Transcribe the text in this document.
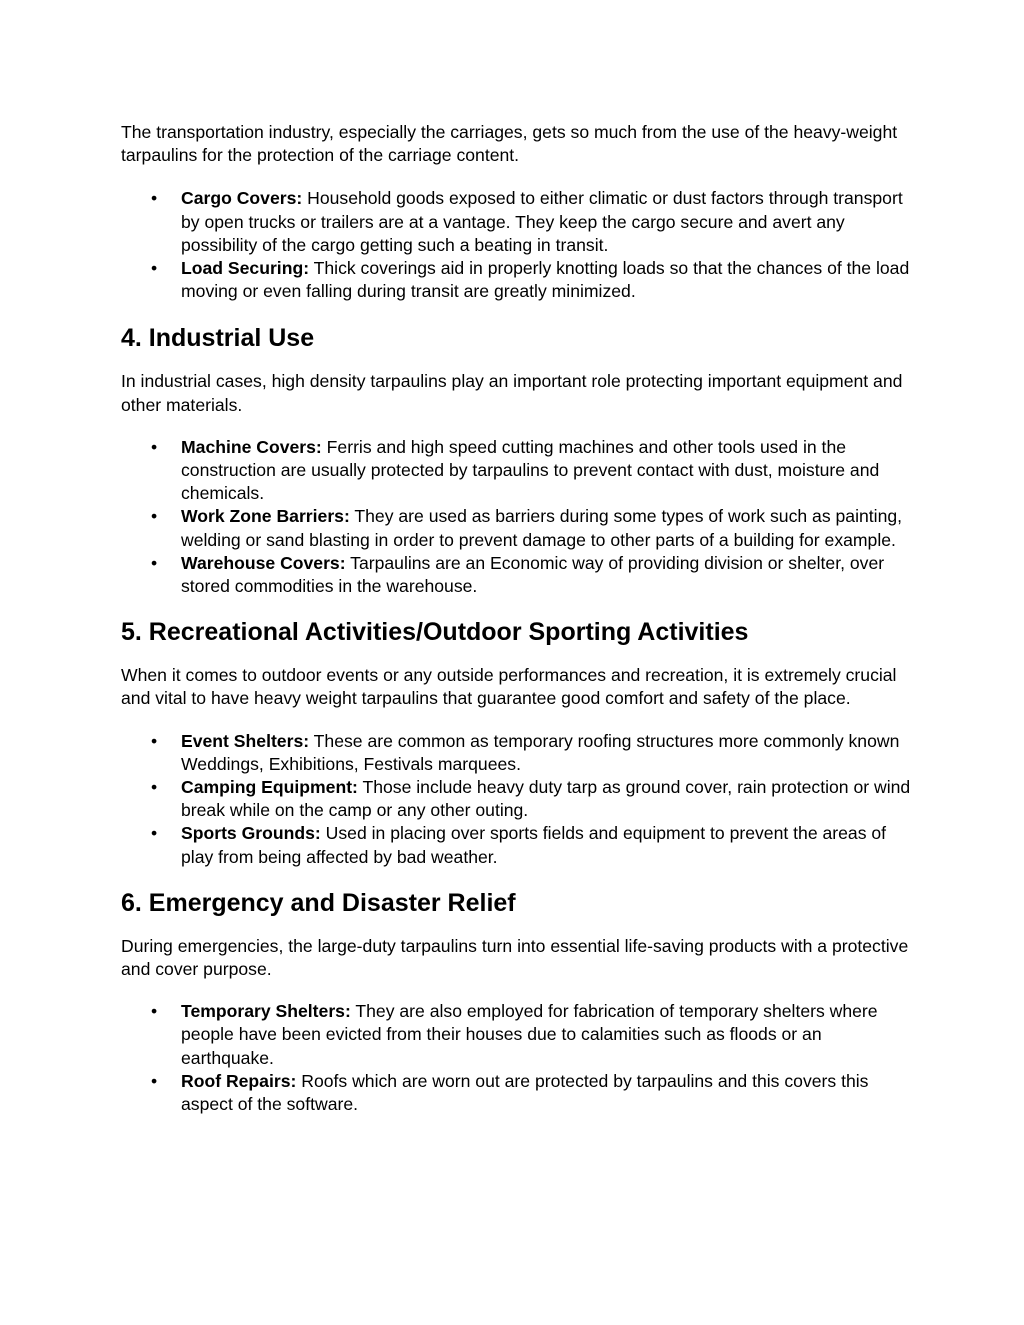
The transportation industry, especially the carriages, gets so much from the use of the heavy-weight tarpaulins for the protection of the carriage content.

• Cargo Covers: Household goods exposed to either climatic or dust factors through transport by open trucks or trailers are at a vantage. They keep the cargo secure and avert any possibility of the cargo getting such a beating in transit.
• Load Securing: Thick coverings aid in properly knotting loads so that the chances of the load moving or even falling during transit are greatly minimized.
4. Industrial Use

In industrial cases, high density tarpaulins play an important role protecting important equipment and other materials.

• Machine Covers: Ferris and high speed cutting machines and other tools used in the construction are usually protected by tarpaulins to prevent contact with dust, moisture and chemicals.
• Work Zone Barriers: They are used as barriers during some types of work such as painting, welding or sand blasting in order to prevent damage to other parts of a building for example.
• Warehouse Covers: Tarpaulins are an Economic way of providing division or shelter, over stored commodities in the warehouse.
5. Recreational Activities/Outdoor Sporting Activities

When it comes to outdoor events or any outside performances and recreation, it is extremely crucial and vital to have heavy weight tarpaulins that guarantee good comfort and safety of the place.

• Event Shelters: These are common as temporary roofing structures more commonly known Weddings, Exhibitions, Festivals marquees.
• Camping Equipment: Those include heavy duty tarp as ground cover, rain protection or wind break while on the camp or any other outing.
• Sports Grounds: Used in placing over sports fields and equipment to prevent the areas of play from being affected by bad weather.
6. Emergency and Disaster Relief

During emergencies, the large-duty tarpaulins turn into essential life-saving products with a protective and cover purpose.

• Temporary Shelters: They are also employed for fabrication of temporary shelters where people have been evicted from their houses due to calamities such as floods or an earthquake.
• Roof Repairs: Roofs which are worn out are protected by tarpaulins and this covers this aspect of the software.
